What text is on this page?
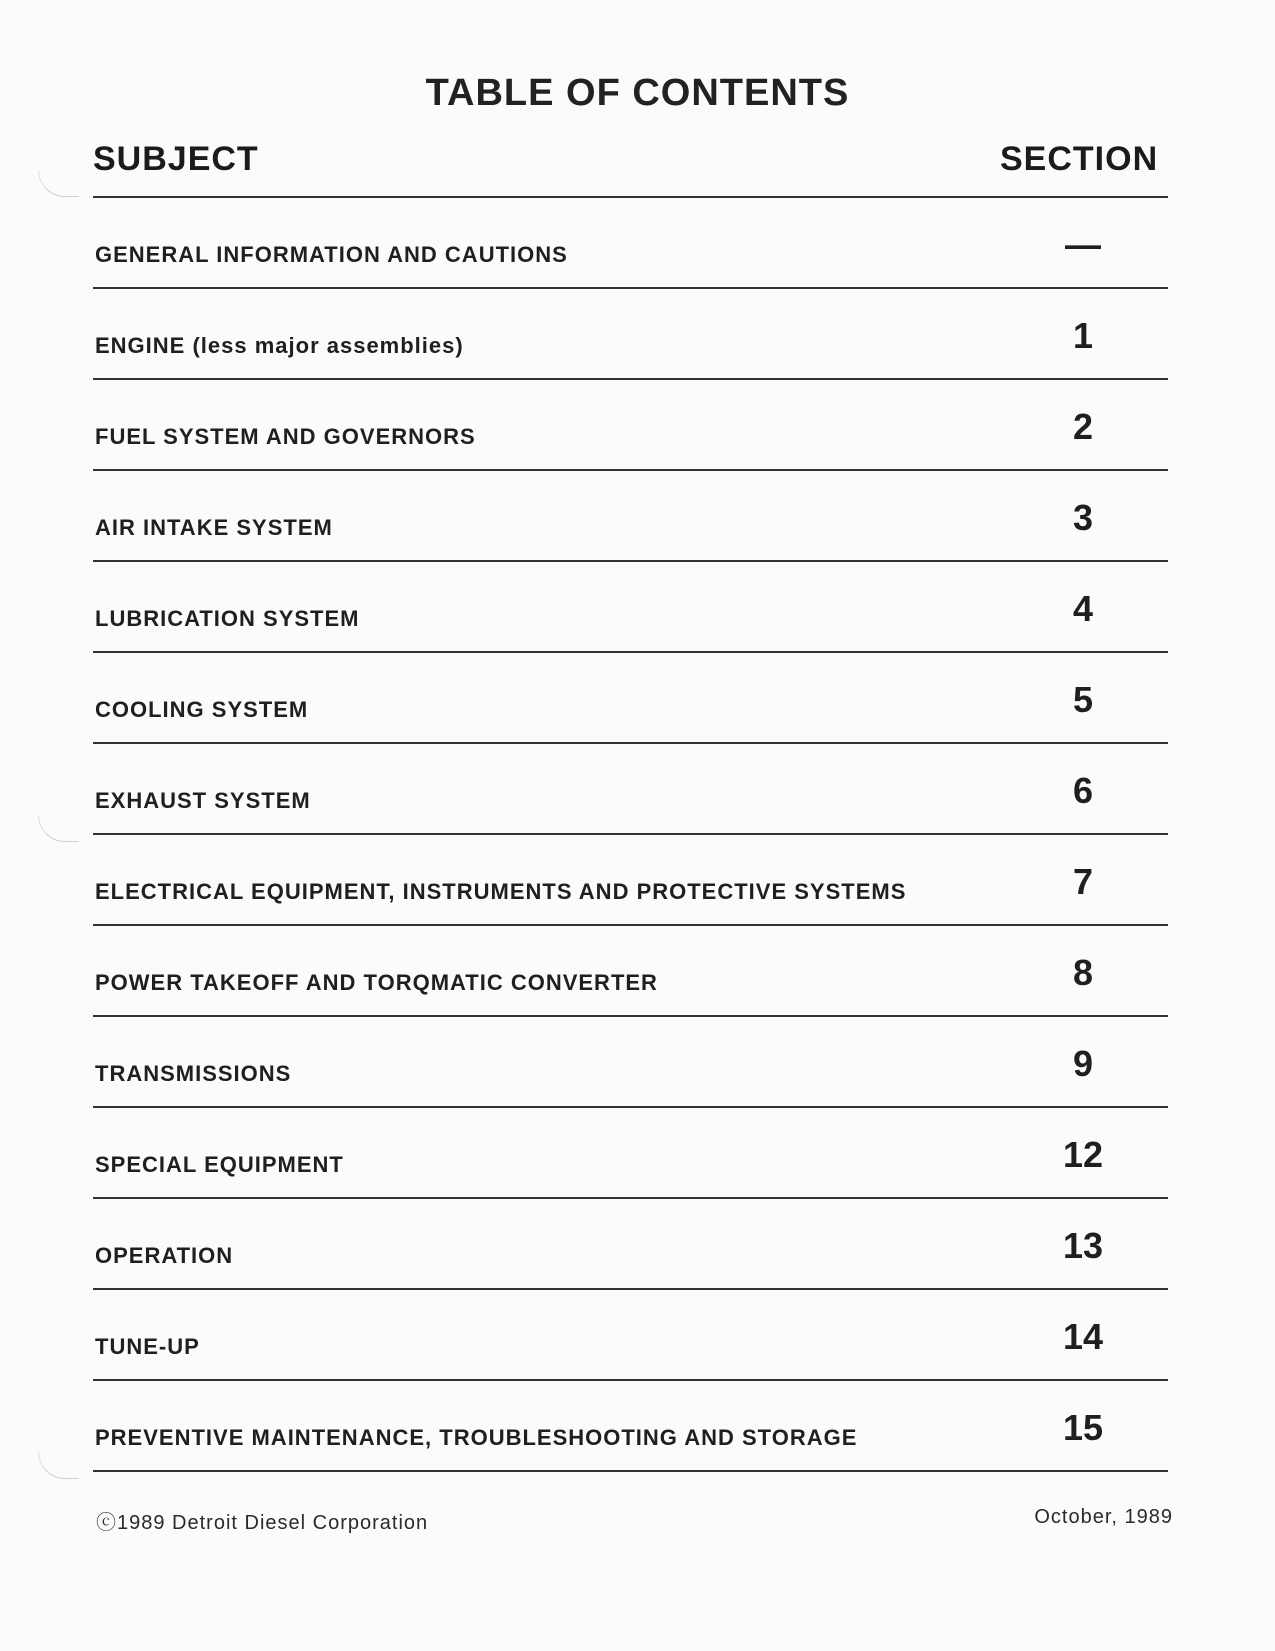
TABLE OF CONTENTS
SUBJECT	SECTION
GENERAL INFORMATION AND CAUTIONS	—
ENGINE (less major assemblies)	1
FUEL SYSTEM AND GOVERNORS	2
AIR INTAKE SYSTEM	3
LUBRICATION SYSTEM	4
COOLING SYSTEM	5
EXHAUST SYSTEM	6
ELECTRICAL EQUIPMENT, INSTRUMENTS AND PROTECTIVE SYSTEMS	7
POWER TAKEOFF AND TORQMATIC CONVERTER	8
TRANSMISSIONS	9
SPECIAL EQUIPMENT	12
OPERATION	13
TUNE-UP	14
PREVENTIVE MAINTENANCE, TROUBLESHOOTING AND STORAGE	15
ⓒ1989 Detroit Diesel Corporation	October, 1989
